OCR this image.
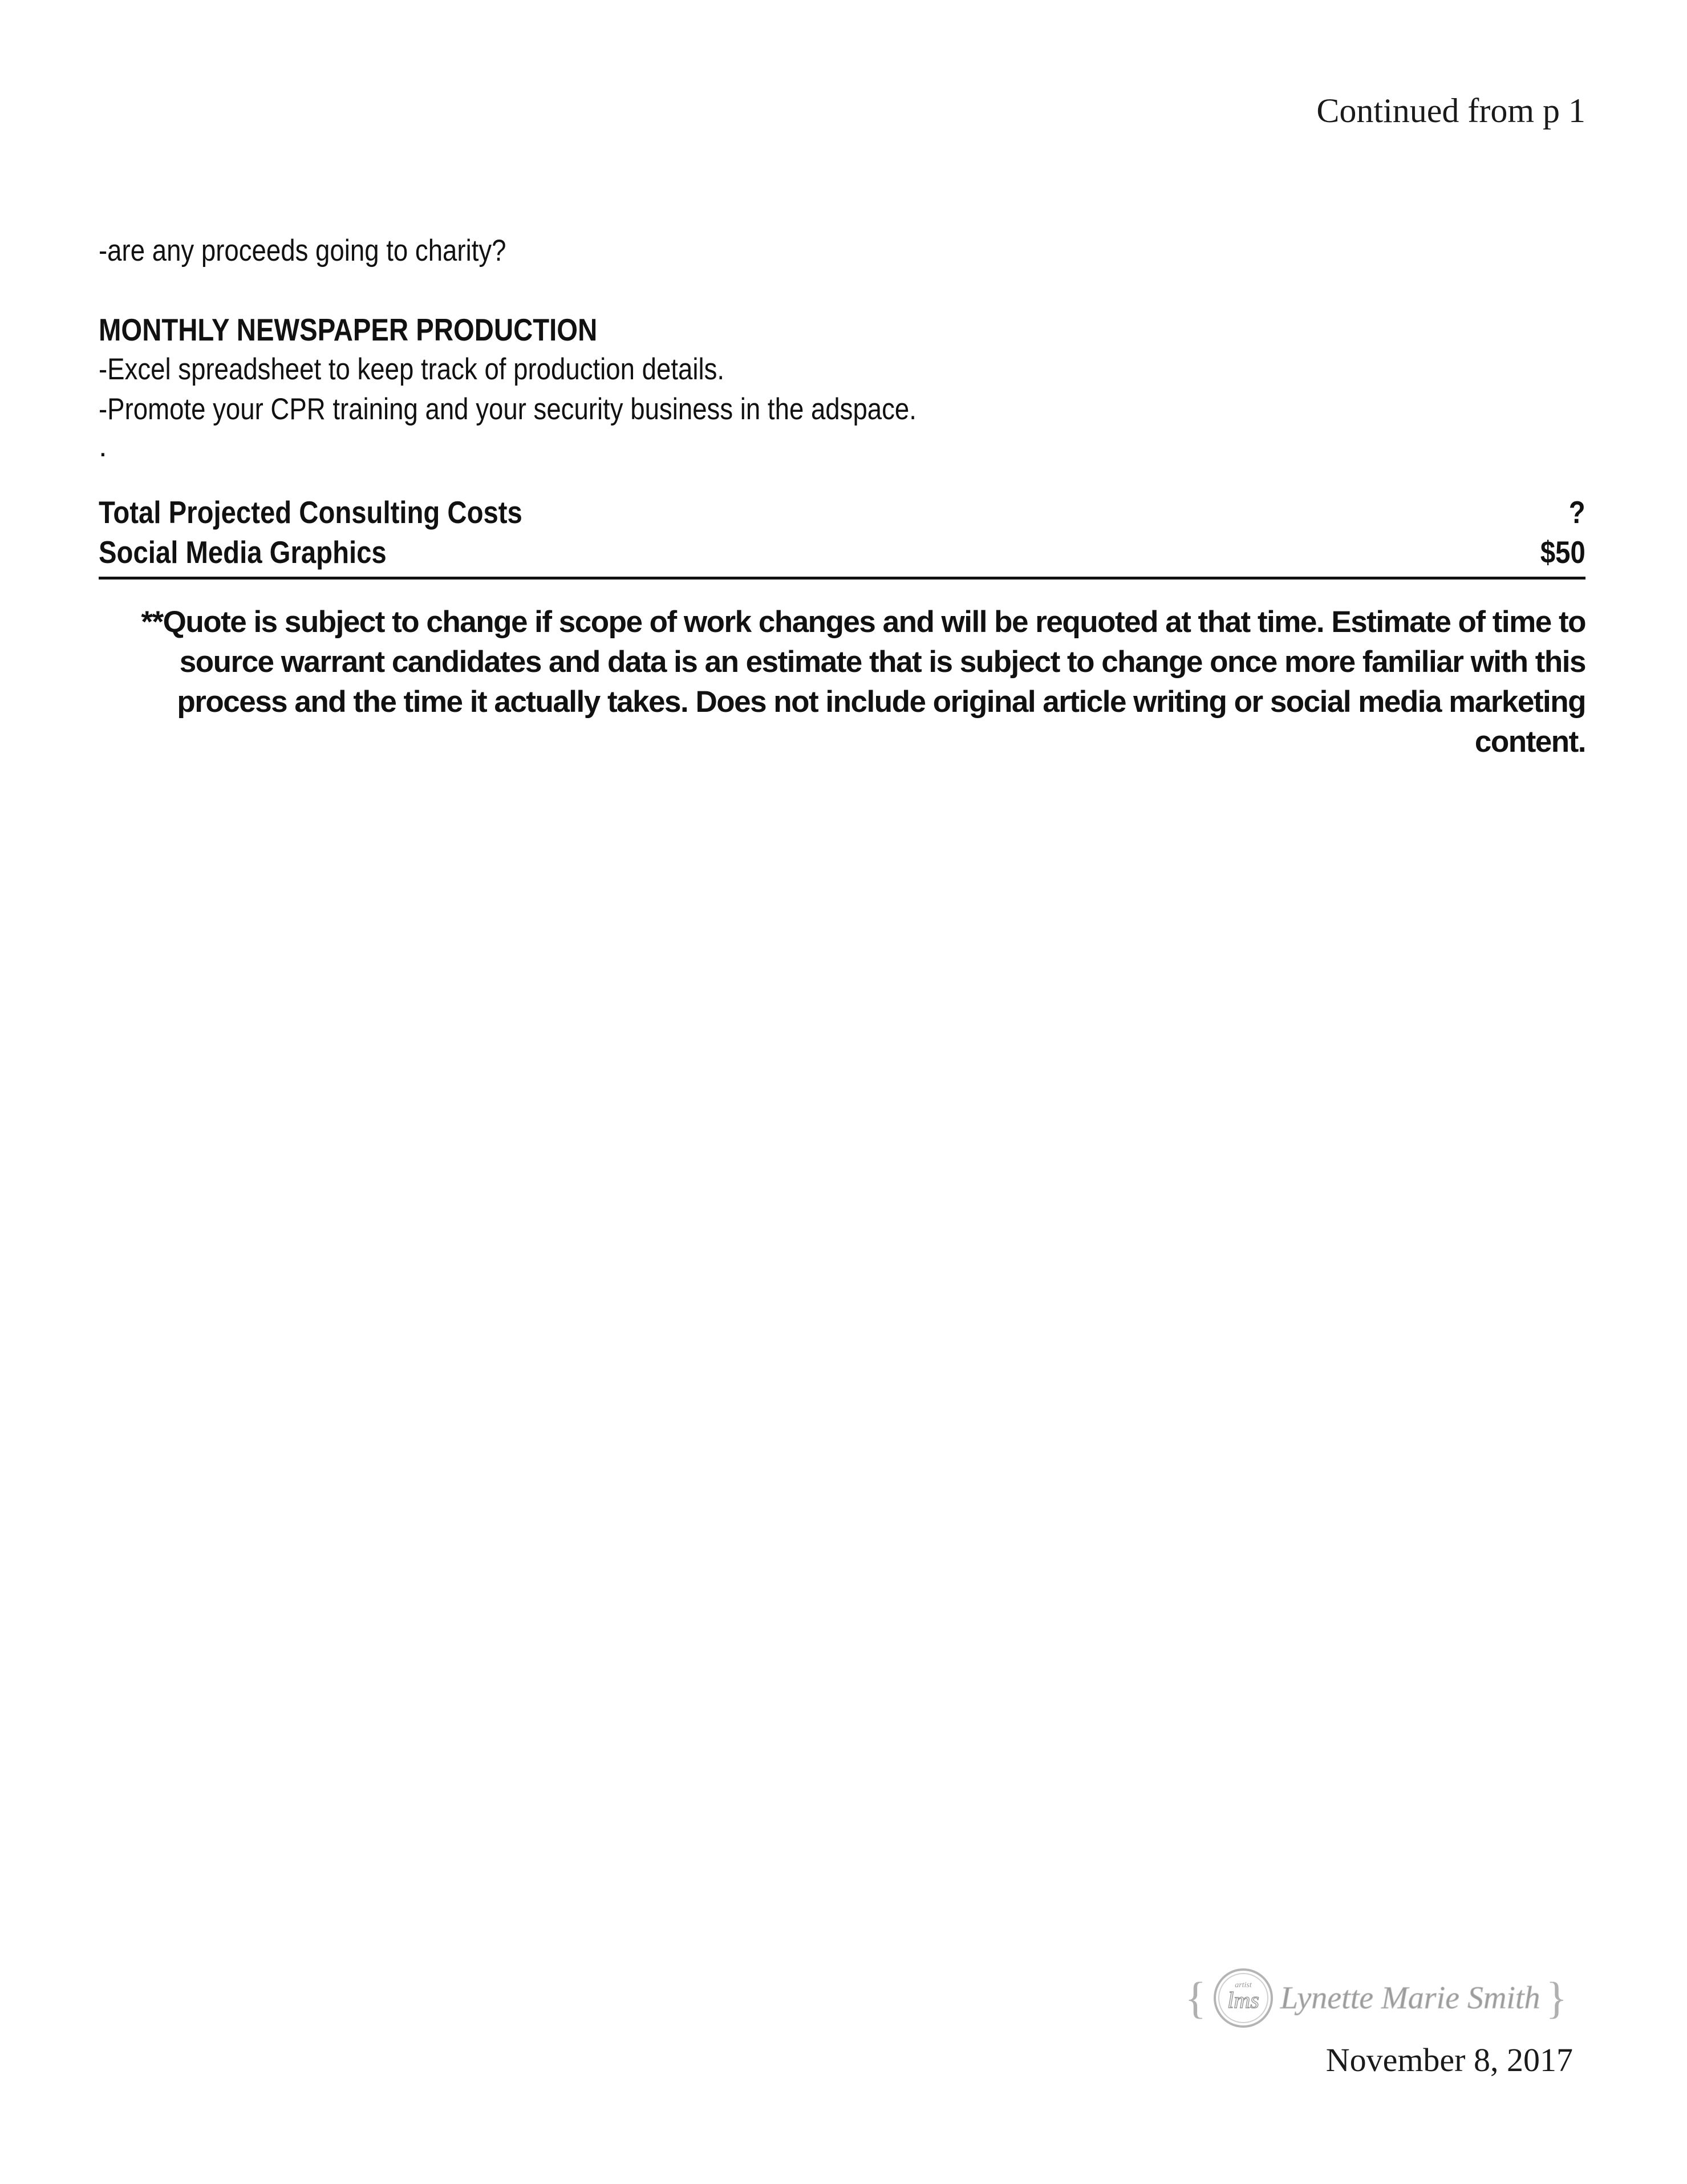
Continued from p 1
-are any proceeds going to charity?
MONTHLY NEWSPAPER PRODUCTION
-Excel spreadsheet to keep track of production details.
-Promote your CPR training and your security business in the adspace.
.
Total Projected Consulting Costs	?
Social Media Graphics	$50
**Quote is subject to change if scope of work changes and will be requoted at that time. Estimate of time to source warrant candidates and data is an estimate that is subject to change once more familiar with this process and the time it actually takes. Does not include original article writing or social media marketing content.
{	artist
lms Lynette Marie Smith }
November 8, 2017
